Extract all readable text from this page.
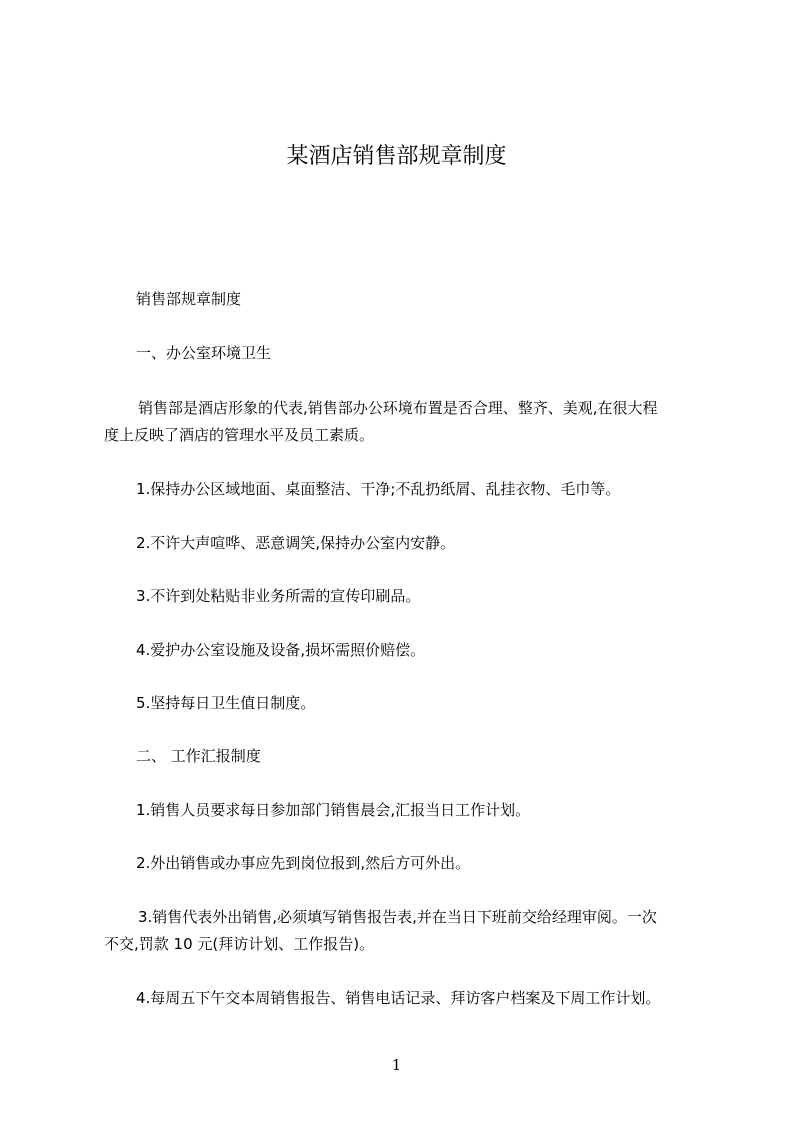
某酒店销售部规章制度
销售部规章制度
一、办公室环境卫生
销售部是酒店形象的代表,销售部办公环境布置是否合理、整齐、美观,在很大程
度上反映了酒店的管理水平及员工素质。
1.保持办公区域地面、桌面整洁、干净;不乱扔纸屑、乱挂衣物、毛巾等。
2.不许大声喧哗、恶意调笑,保持办公室内安静。
3.不许到处粘贴非业务所需的宣传印刷品。
4.爱护办公室设施及设备,损坏需照价赔偿。
5.坚持每日卫生值日制度。
二、 工作汇报制度
1.销售人员要求每日参加部门销售晨会,汇报当日工作计划。
2.外出销售或办事应先到岗位报到,然后方可外出。
3.销售代表外出销售,必须填写销售报告表,并在当日下班前交给经理审阅。一次
不交,罚款 10 元(拜访计划、工作报告)。
4.每周五下午交本周销售报告、销售电话记录、拜访客户档案及下周工作计划。
1
